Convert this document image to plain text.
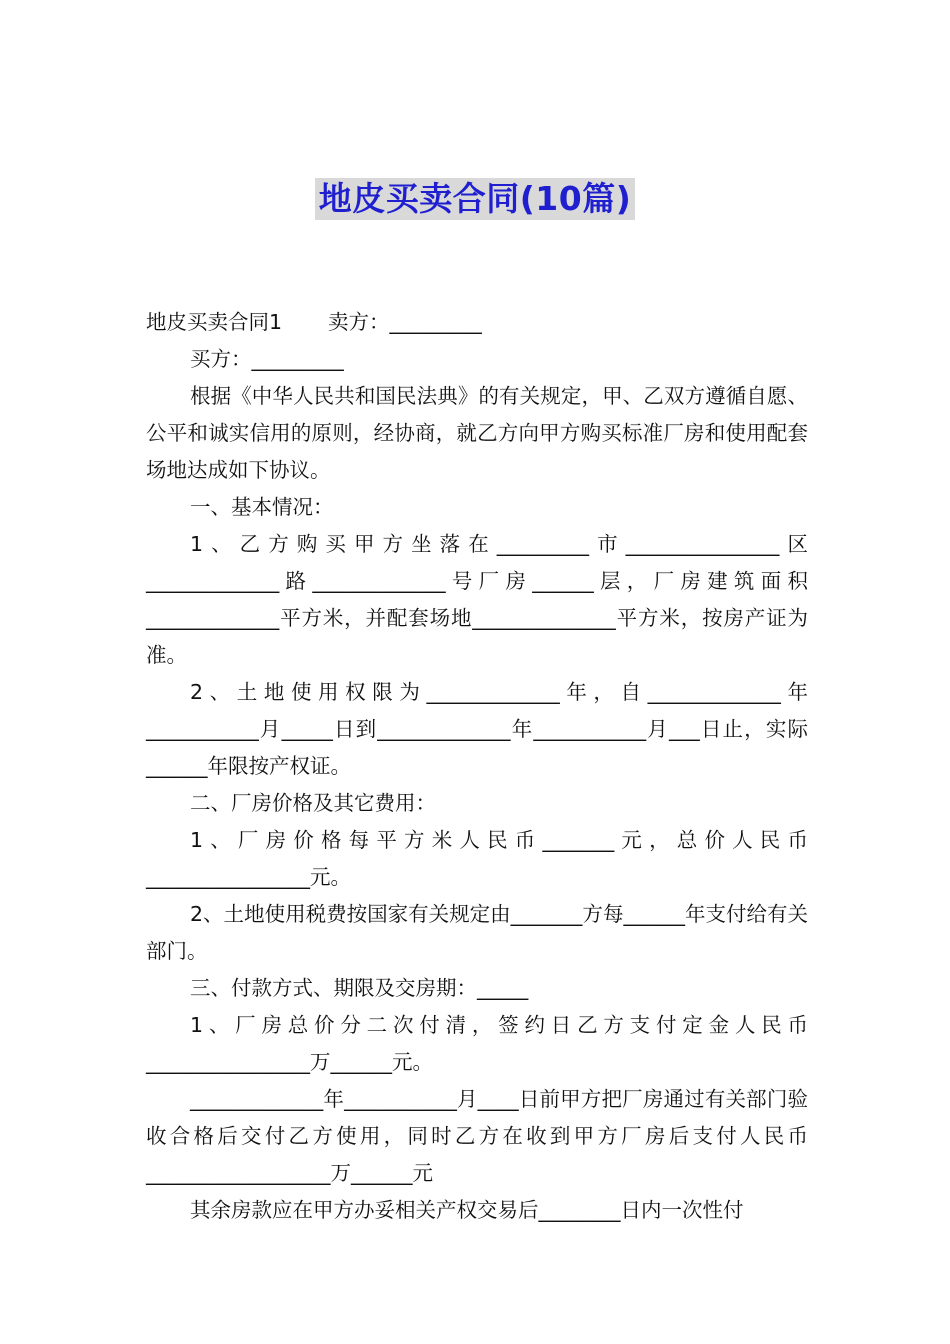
地皮买卖合同(10篇)

地皮买卖合同1 卖方：_________

买方：_________

根据《中华人民共和国民法典》的有关规定，甲、乙双方遵循自愿、公平和诚实信用的原则，经协商，就乙方向甲方购买标准厂房和使用配套场地达成如下协议。

一、基本情况：

1、乙方购买甲方坐落在_________市_______________区_____________路_____________号厂房______层，厂房建筑面积_____________平方米，并配套场地______________平方米，按房产证为准。

2、土地使用权限为_____________年，自_____________年___________月_____日到_____________年___________月___日止，实际______年限按产权证。

二、厂房价格及其它费用：

1、厂房价格每平方米人民币_______元，总价人民币________________元。

2、土地使用税费按国家有关规定由_______方每______年支付给有关部门。

三、付款方式、期限及交房期：_____

1、厂房总价分二次付清，签约日乙方支付定金人民币________________万______元。

_____________年___________月____日前甲方把厂房通过有关部门验收合格后交付乙方使用，同时乙方在收到甲方厂房后支付人民币__________________万______元

其余房款应在甲方办妥相关产权交易后________日内一次性付
